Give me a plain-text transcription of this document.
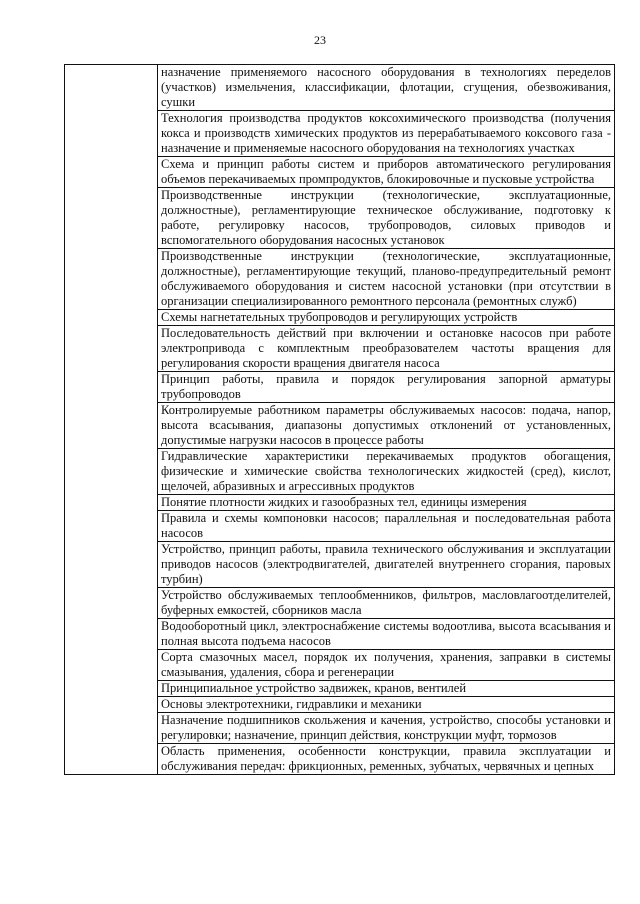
23
	назначение применяемого насосного оборудования в технологиях переделов (участков) измельчения, классификации, флотации, сгущения, обезвоживания, сушки
Технология производства продуктов коксохимического производства (получения кокса и производств химических продуктов из перерабатываемого коксового газа - назначение и применяемые насосного оборудования на технологиях участках
Схема и принцип работы систем и приборов автоматического регулирования объемов перекачиваемых промпродуктов, блокировочные и пусковые устройства
Производственные инструкции (технологические, эксплуатационные, должностные), регламентирующие техническое обслуживание, подготовку к работе, регулировку насосов, трубопроводов, силовых приводов и вспомогательного оборудования насосных установок
Производственные инструкции (технологические, эксплуатационные, должностные), регламентирующие текущий, планово-предупредительный ремонт обслуживаемого оборудования и систем насосной установки (при отсутствии в организации специализированного ремонтного персонала (ремонтных служб)
Схемы нагнетательных трубопроводов и регулирующих устройств
Последовательность действий при включении и остановке насосов при работе электропривода с комплектным преобразователем частоты вращения для регулирования скорости вращения двигателя насоса
Принцип работы, правила и порядок регулирования запорной арматуры трубопроводов
Контролируемые работником параметры обслуживаемых насосов: подача, напор, высота всасывания, диапазоны допустимых отклонений от установленных, допустимые нагрузки насосов в процессе работы
Гидравлические характеристики перекачиваемых продуктов обогащения, физические и химические свойства технологических жидкостей (сред), кислот, щелочей, абразивных и агрессивных продуктов
Понятие плотности жидких и газообразных тел, единицы измерения
Правила и схемы компоновки насосов; параллельная и последовательная работа насосов
Устройство, принцип работы, правила технического обслуживания и эксплуатации приводов насосов (электродвигателей, двигателей внутреннего сгорания, паровых турбин)
Устройство обслуживаемых теплообменников, фильтров, масловлагоотделителей, буферных емкостей, сборников масла
Водооборотный цикл, электроснабжение системы водоотлива, высота всасывания и полная высота подъема насосов
Сорта смазочных масел, порядок их получения, хранения, заправки в системы смазывания, удаления, сбора и регенерации
Принципиальное устройство задвижек, кранов, вентилей
Основы электротехники, гидравлики и механики
Назначение подшипников скольжения и качения, устройство, способы установки и регулировки; назначение, принцип действия, конструкции муфт, тормозов
Область применения, особенности конструкции, правила эксплуатации и обслуживания передач: фрикционных, ременных, зубчатых, червячных и цепных
